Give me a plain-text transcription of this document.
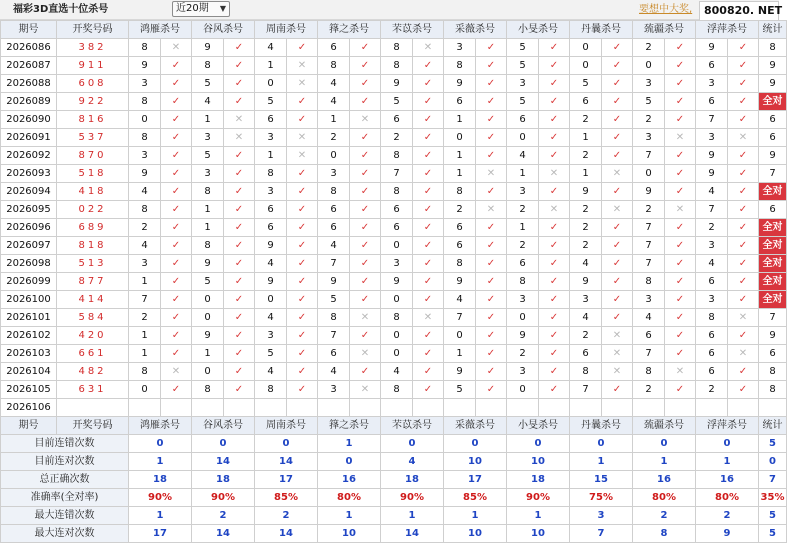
福彩3D直选十位杀号	近20期 ▼	要想中大奖,	800820. NET
期号	开奖号码	鸿雁杀号		谷风杀号		周南杀号		箨之杀号		芣苡杀号		采薇杀号		小旻杀号		丹曩杀号		巯疆杀号		浮萍杀号		统计
2026086	382	8	✕	9	✓	4	✓	6	✓	8	✕	3	✓	5	✓	0	✓	2	✓	9	✓	8
2026087	911	9	✓	8	✓	1	✕	8	✓	8	✓	8	✓	5	✓	0	✓	0	✓	6	✓	9
2026088	608	3	✓	5	✓	0	✕	4	✓	9	✓	9	✓	3	✓	5	✓	3	✓	3	✓	9
2026089	922	8	✓	4	✓	5	✓	4	✓	5	✓	6	✓	5	✓	6	✓	5	✓	6	✓	全对
2026090	816	0	✓	1	✕	6	✓	1	✕	6	✓	1	✓	6	✓	2	✓	2	✓	7	✓	6
2026091	537	8	✓	3	✕	3	✕	2	✓	2	✓	0	✓	0	✓	1	✓	3	✕	3	✕	6
2026092	870	3	✓	5	✓	1	✕	0	✓	8	✓	1	✓	4	✓	2	✓	7	✓	9	✓	9
2026093	518	9	✓	3	✓	8	✓	3	✓	7	✓	1	✕	1	✕	1	✕	0	✓	9	✓	7
2026094	418	4	✓	8	✓	3	✓	8	✓	8	✓	8	✓	3	✓	9	✓	9	✓	4	✓	全对
2026095	022	8	✓	1	✓	6	✓	6	✓	6	✓	2	✕	2	✕	2	✕	2	✕	7	✓	6
2026096	689	2	✓	1	✓	6	✓	6	✓	6	✓	6	✓	1	✓	2	✓	7	✓	2	✓	全对
2026097	818	4	✓	8	✓	9	✓	4	✓	0	✓	6	✓	2	✓	2	✓	7	✓	3	✓	全对
2026098	513	3	✓	9	✓	4	✓	7	✓	3	✓	8	✓	6	✓	4	✓	7	✓	4	✓	全对
2026099	877	1	✓	5	✓	9	✓	9	✓	9	✓	9	✓	8	✓	9	✓	8	✓	6	✓	全对
2026100	414	7	✓	0	✓	0	✓	5	✓	0	✓	4	✓	3	✓	3	✓	3	✓	3	✓	全对
2026101	584	2	✓	0	✓	4	✓	8	✕	8	✕	7	✓	0	✓	4	✓	4	✓	8	✕	7
2026102	420	1	✓	9	✓	3	✓	7	✓	0	✓	0	✓	9	✓	2	✕	6	✓	6	✓	9
2026103	661	1	✓	1	✓	5	✓	6	✕	0	✓	1	✓	2	✓	6	✕	7	✓	6	✕	6
2026104	482	8	✕	0	✓	4	✓	4	✓	4	✓	9	✓	3	✓	8	✕	8	✕	6	✓	8
2026105	631	0	✓	8	✓	8	✓	3	✕	8	✓	5	✓	0	✓	7	✓	2	✓	2	✓	8
2026106	当前期杀号	4		2		9		0		2		8		0		1		4		1		
期号	开奖号码	鸿雁杀号		谷风杀号		周南杀号		箨之杀号		芣苡杀号		采薇杀号		小旻杀号		丹曩杀号		巯疆杀号		浮萍杀号		统计
目前连错次数		0		0		0		1		0		0		0		0		0		0		5
目前连对次数		1		14		14		0		4		10		10		1		1		1		0
总正确次数		18		18		17		16		18		17		18		15		16		16		7
准确率(全对率)		90%		90%		85%		80%		90%		85%		90%		75%		80%		80%		35%
最大连错次数		1		2		2		1		1		1		1		3		2		2		5
最大连对次数		17		14		14		10		14		10		10		7		8		9		5
